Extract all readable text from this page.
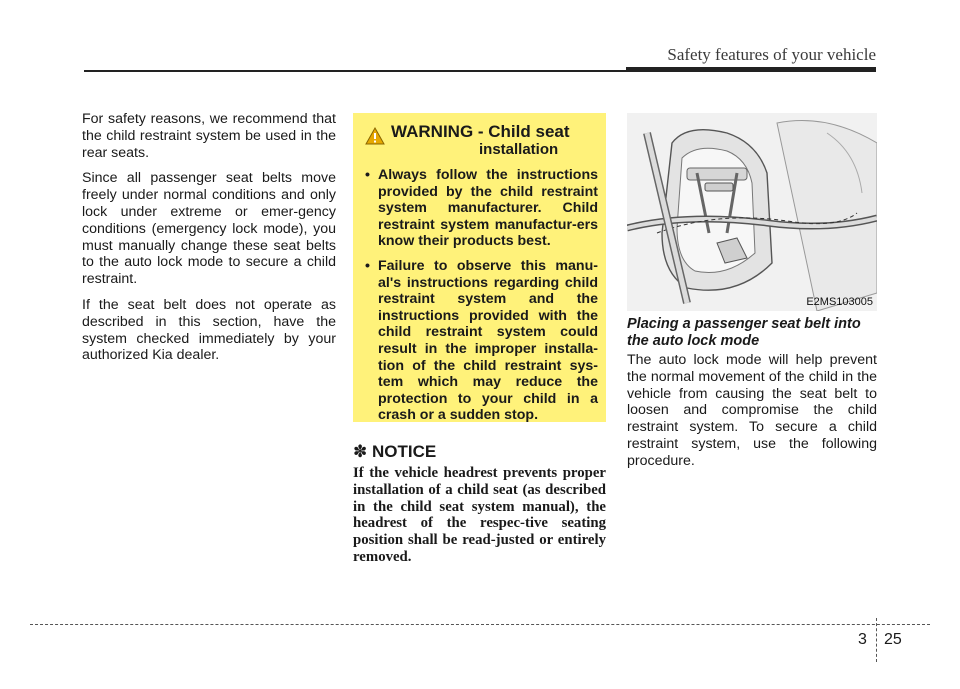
Safety features of your vehicle

For safety reasons, we recommend that the child restraint system be used in the rear seats.

Since all passenger seat belts move freely under normal conditions and only lock under extreme or emer-gency conditions (emergency lock mode), you must manually change these seat belts to the auto lock mode to secure a child restraint.

If the seat belt does not operate as described in this section, have the system checked immediately by your authorized Kia dealer.

WARNING - Child seat
installation
• Always follow the instructions provided by the child restraint system manufacturer. Child restraint system manufactur-ers know their products best.
• Failure to observe this manu-al's instructions regarding child restraint system and the instructions provided with the child restraint system could result in the improper installa-tion of the child restraint sys-tem which may reduce the protection to your child in a crash or a sudden stop.
✽ NOTICE
If the vehicle headrest prevents proper installation of a child seat (as described in the child seat system manual), the headrest of the respec-tive seating position shall be read-justed or entirely removed.
E2MS103005
Placing a passenger seat belt into the auto lock mode
The auto lock mode will help prevent the normal movement of the child in the vehicle from causing the seat belt to loosen and compromise the child restraint system. To secure a child restraint system, use the following procedure.
3 25
